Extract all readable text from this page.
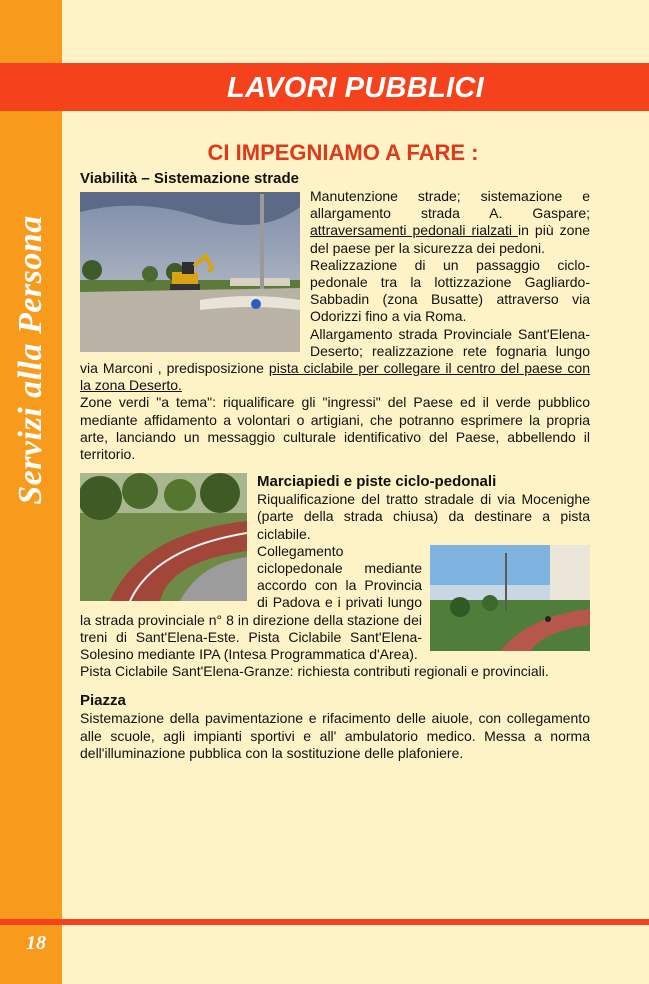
Servizi alla Persona
18
LAVORI PUBBLICI
CI IMPEGNIAMO A FARE :
Viabilità – Sistemazione strade

Manutenzione strade; sistemazione e allargamento strada A. Gaspare; attraversamenti pedonali rialzati in più zone del paese per la sicurezza dei pedoni.

Realizzazione di un passaggio ciclo-pedonale tra la lottizzazione Gagliardo-Sabbadin (zona Busatte) attraverso via Odorizzi fino a via Roma.

Allargamento strada Provinciale Sant'Elena-Deserto; realizzazione rete fognaria lungo via Marconi , predisposizione pista ciclabile per collegare il centro del paese con la zona Deserto.

Zone verdi "a tema": riqualificare gli "ingressi" del Paese ed il verde pubblico mediante affidamento a volontari o artigiani, che potranno esprimere la propria arte, lanciando un messaggio culturale identificativo del Paese, abbellendo il territorio.

Marciapiedi e piste ciclo-pedonali

Riqualificazione del tratto stradale di via Mocenighe (parte della strada chiusa) da destinare a pista ciclabile.

Collegamento ciclopedonale mediante accordo con la Provincia di Padova e i privati lungo la strada provinciale n° 8 in direzione della stazione dei treni di Sant'Elena-Este. Pista Ciclabile Sant'Elena-Solesino mediante IPA (Intesa Programmatica d'Area).

Pista Ciclabile Sant'Elena-Granze: richiesta contributi regionali e provinciali.

Piazza

Sistemazione della pavimentazione e rifacimento delle aiuole, con collegamento alle scuole, agli impianti sportivi e all' ambulatorio medico. Messa a norma dell'illuminazione pubblica con la sostituzione delle plafoniere.
